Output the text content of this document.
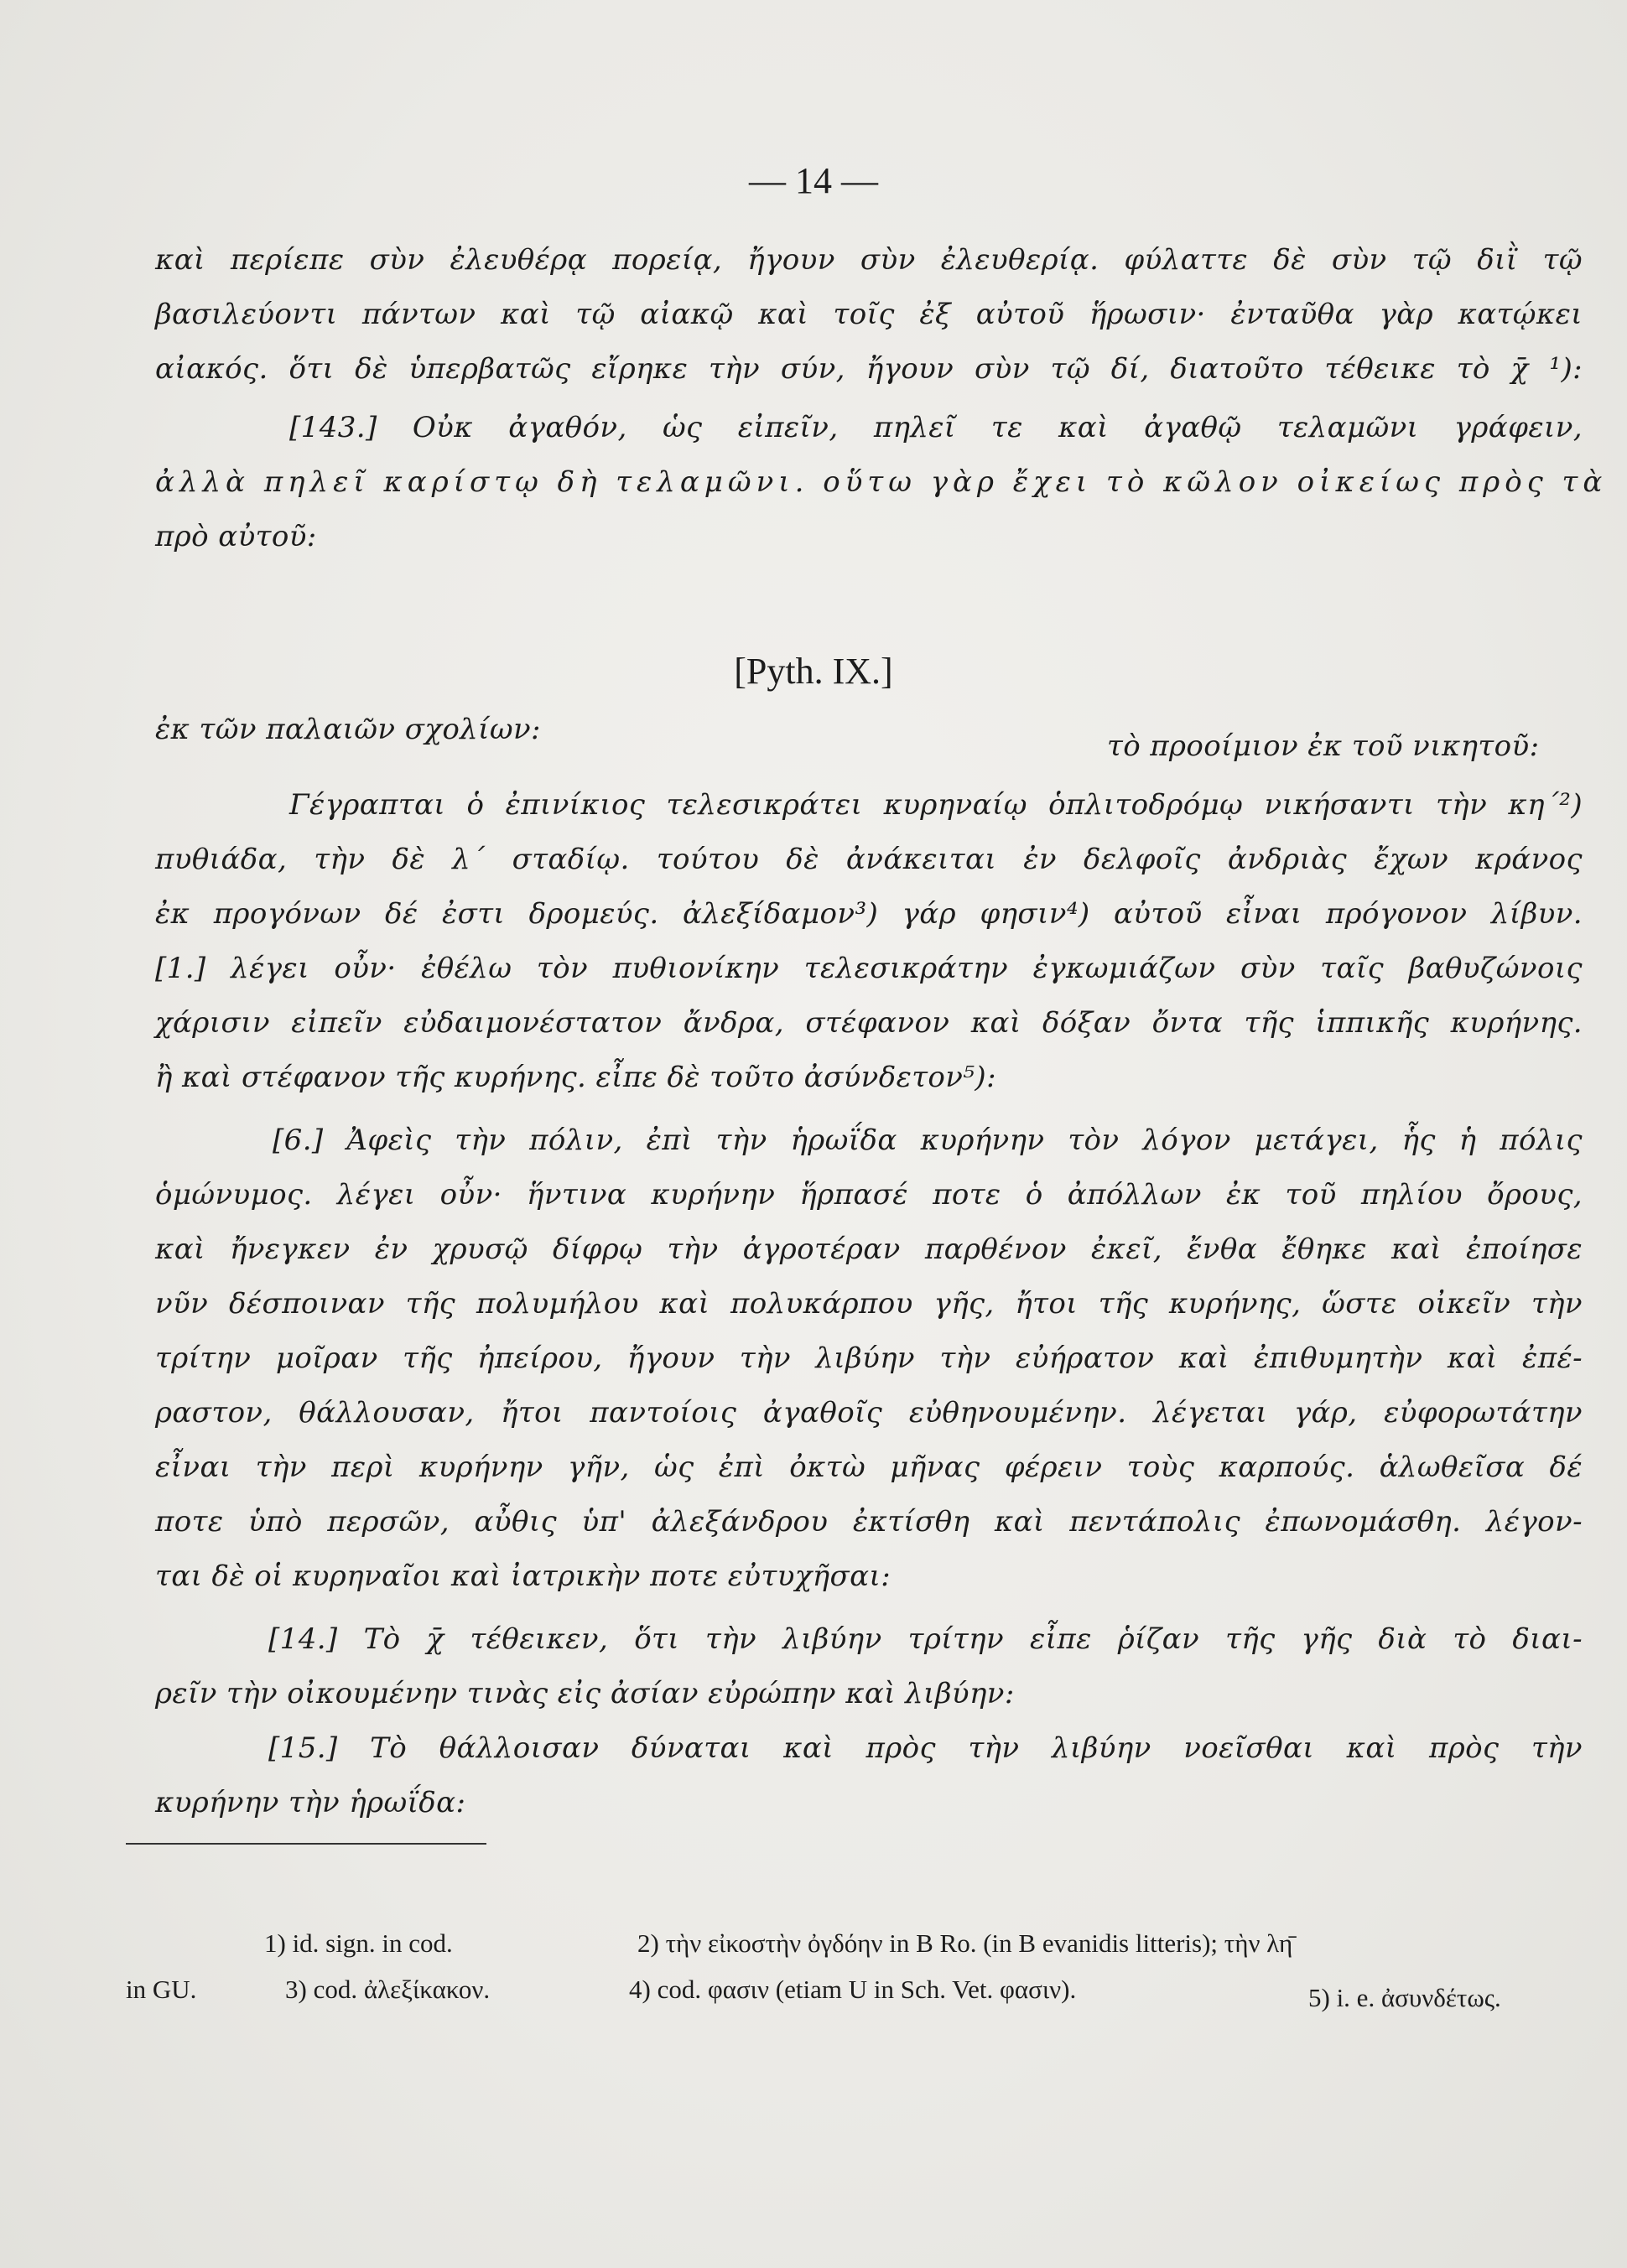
— 14 —
καὶ περίεπε σὺν ἐλευθέρᾳ πορείᾳ, ἤγουν σὺν ἐλευθερίᾳ. φύλαττε δὲ σὺν τῷ διῒ τῷ
βασιλεύοντι πάντων καὶ τῷ αἰακῷ καὶ τοῖς ἐξ αὐτοῦ ἥρωσιν· ἐνταῦθα γὰρ κατῴκει
αἰακός. ὅτι δὲ ὑπερβατῶς εἴρηκε τὴν σύν, ἤγουν σὺν τῷ δί, διατοῦτο τέθεικε τὸ χ̄ ¹):
[143.] Οὐκ ἀγαθόν, ὡς εἰπεῖν, πηλεῖ τε καὶ ἀγαθῷ τελαμῶνι γράφειν,
ἀλλὰ πηλεῖ καρίστῳ δὴ τελαμῶνι. οὕτω γὰρ ἔχει τὸ κῶλον οἰκείως πρὸς τὰ
πρὸ αὐτοῦ:
[Pyth. IX.]
ἐκ τῶν παλαιῶν σχολίων:	τὸ προοίμιον ἐκ τοῦ νικητοῦ:
Γέγραπται ὁ ἐπινίκιος τελεσικράτει κυρηναίῳ ὁπλιτοδρόμῳ νικήσαντι τὴν κη´²)
πυθιάδα, τὴν δὲ λ´ σταδίῳ. τούτου δὲ ἀνάκειται ἐν δελφοῖς ἀνδριὰς ἔχων κράνος
ἐκ προγόνων δέ ἐστι δρομεύς. ἀλεξίδαμον³) γάρ φησιν⁴) αὐτοῦ εἶναι πρόγονον λίβυν.
[1.] λέγει οὖν· ἐθέλω τὸν πυθιονίκην τελεσικράτην ἐγκωμιάζων σὺν ταῖς βαθυζώνοις
χάρισιν εἰπεῖν εὐδαιμονέστατον ἄνδρα, στέφανον καὶ δόξαν ὄντα τῆς ἱππικῆς κυρήνης.
ἢ καὶ στέφανον τῆς κυρήνης. εἶπε δὲ τοῦτο ἀσύνδετον⁵):
[6.] Ἀφεὶς τὴν πόλιν, ἐπὶ τὴν ἡρωΐδα κυρήνην τὸν λόγον μετάγει, ἧς ἡ πόλις
ὁμώνυμος. λέγει οὖν· ἥντινα κυρήνην ἥρπασέ ποτε ὁ ἀπόλλων ἐκ τοῦ πηλίου ὄρους,
καὶ ἤνεγκεν ἐν χρυσῷ δίφρῳ τὴν ἀγροτέραν παρθένον ἐκεῖ, ἔνθα ἔθηκε καὶ ἐποίησε
νῦν δέσποιναν τῆς πολυμήλου καὶ πολυκάρπου γῆς, ἤτοι τῆς κυρήνης, ὥστε οἰκεῖν τὴν
τρίτην μοῖραν τῆς ἠπείρου, ἤγουν τὴν λιβύην τὴν εὐήρατον καὶ ἐπιθυμητὴν καὶ ἐπέ-
ραστον, θάλλουσαν, ἤτοι παντοίοις ἀγαθοῖς εὐθηνουμένην. λέγεται γάρ, εὐφορωτάτην
εἶναι τὴν περὶ κυρήνην γῆν, ὡς ἐπὶ ὀκτὼ μῆνας φέρειν τοὺς καρπούς. ἁλωθεῖσα δέ
ποτε ὑπὸ περσῶν, αὖθις ὑπ' ἀλεξάνδρου ἐκτίσθη καὶ πεντάπολις ἐπωνομάσθη. λέγον-
ται δὲ οἱ κυρηναῖοι καὶ ἰατρικὴν ποτε εὐτυχῆσαι:
[14.] Τὸ χ̄ τέθεικεν, ὅτι τὴν λιβύην τρίτην εἶπε ῥίζαν τῆς γῆς διὰ τὸ διαι-
ρεῖν τὴν οἰκουμένην τινὰς εἰς ἀσίαν εὐρώπην καὶ λιβύην:
[15.] Τὸ θάλλοισαν δύναται καὶ πρὸς τὴν λιβύην νοεῖσθαι καὶ πρὸς τὴν
κυρήνην τὴν ἡρωΐδα:
1) id. sign. in cod.	2) τὴν εἰκοστὴν ὀγδόην in B Ro. (in B evanidis litteris); τὴν λη̄
in GU.	3) cod. ἀλεξίκακον.	4) cod. φασιν (etiam U in Sch. Vet. φασιν).	5) i. e. ἀσυνδέτως.
